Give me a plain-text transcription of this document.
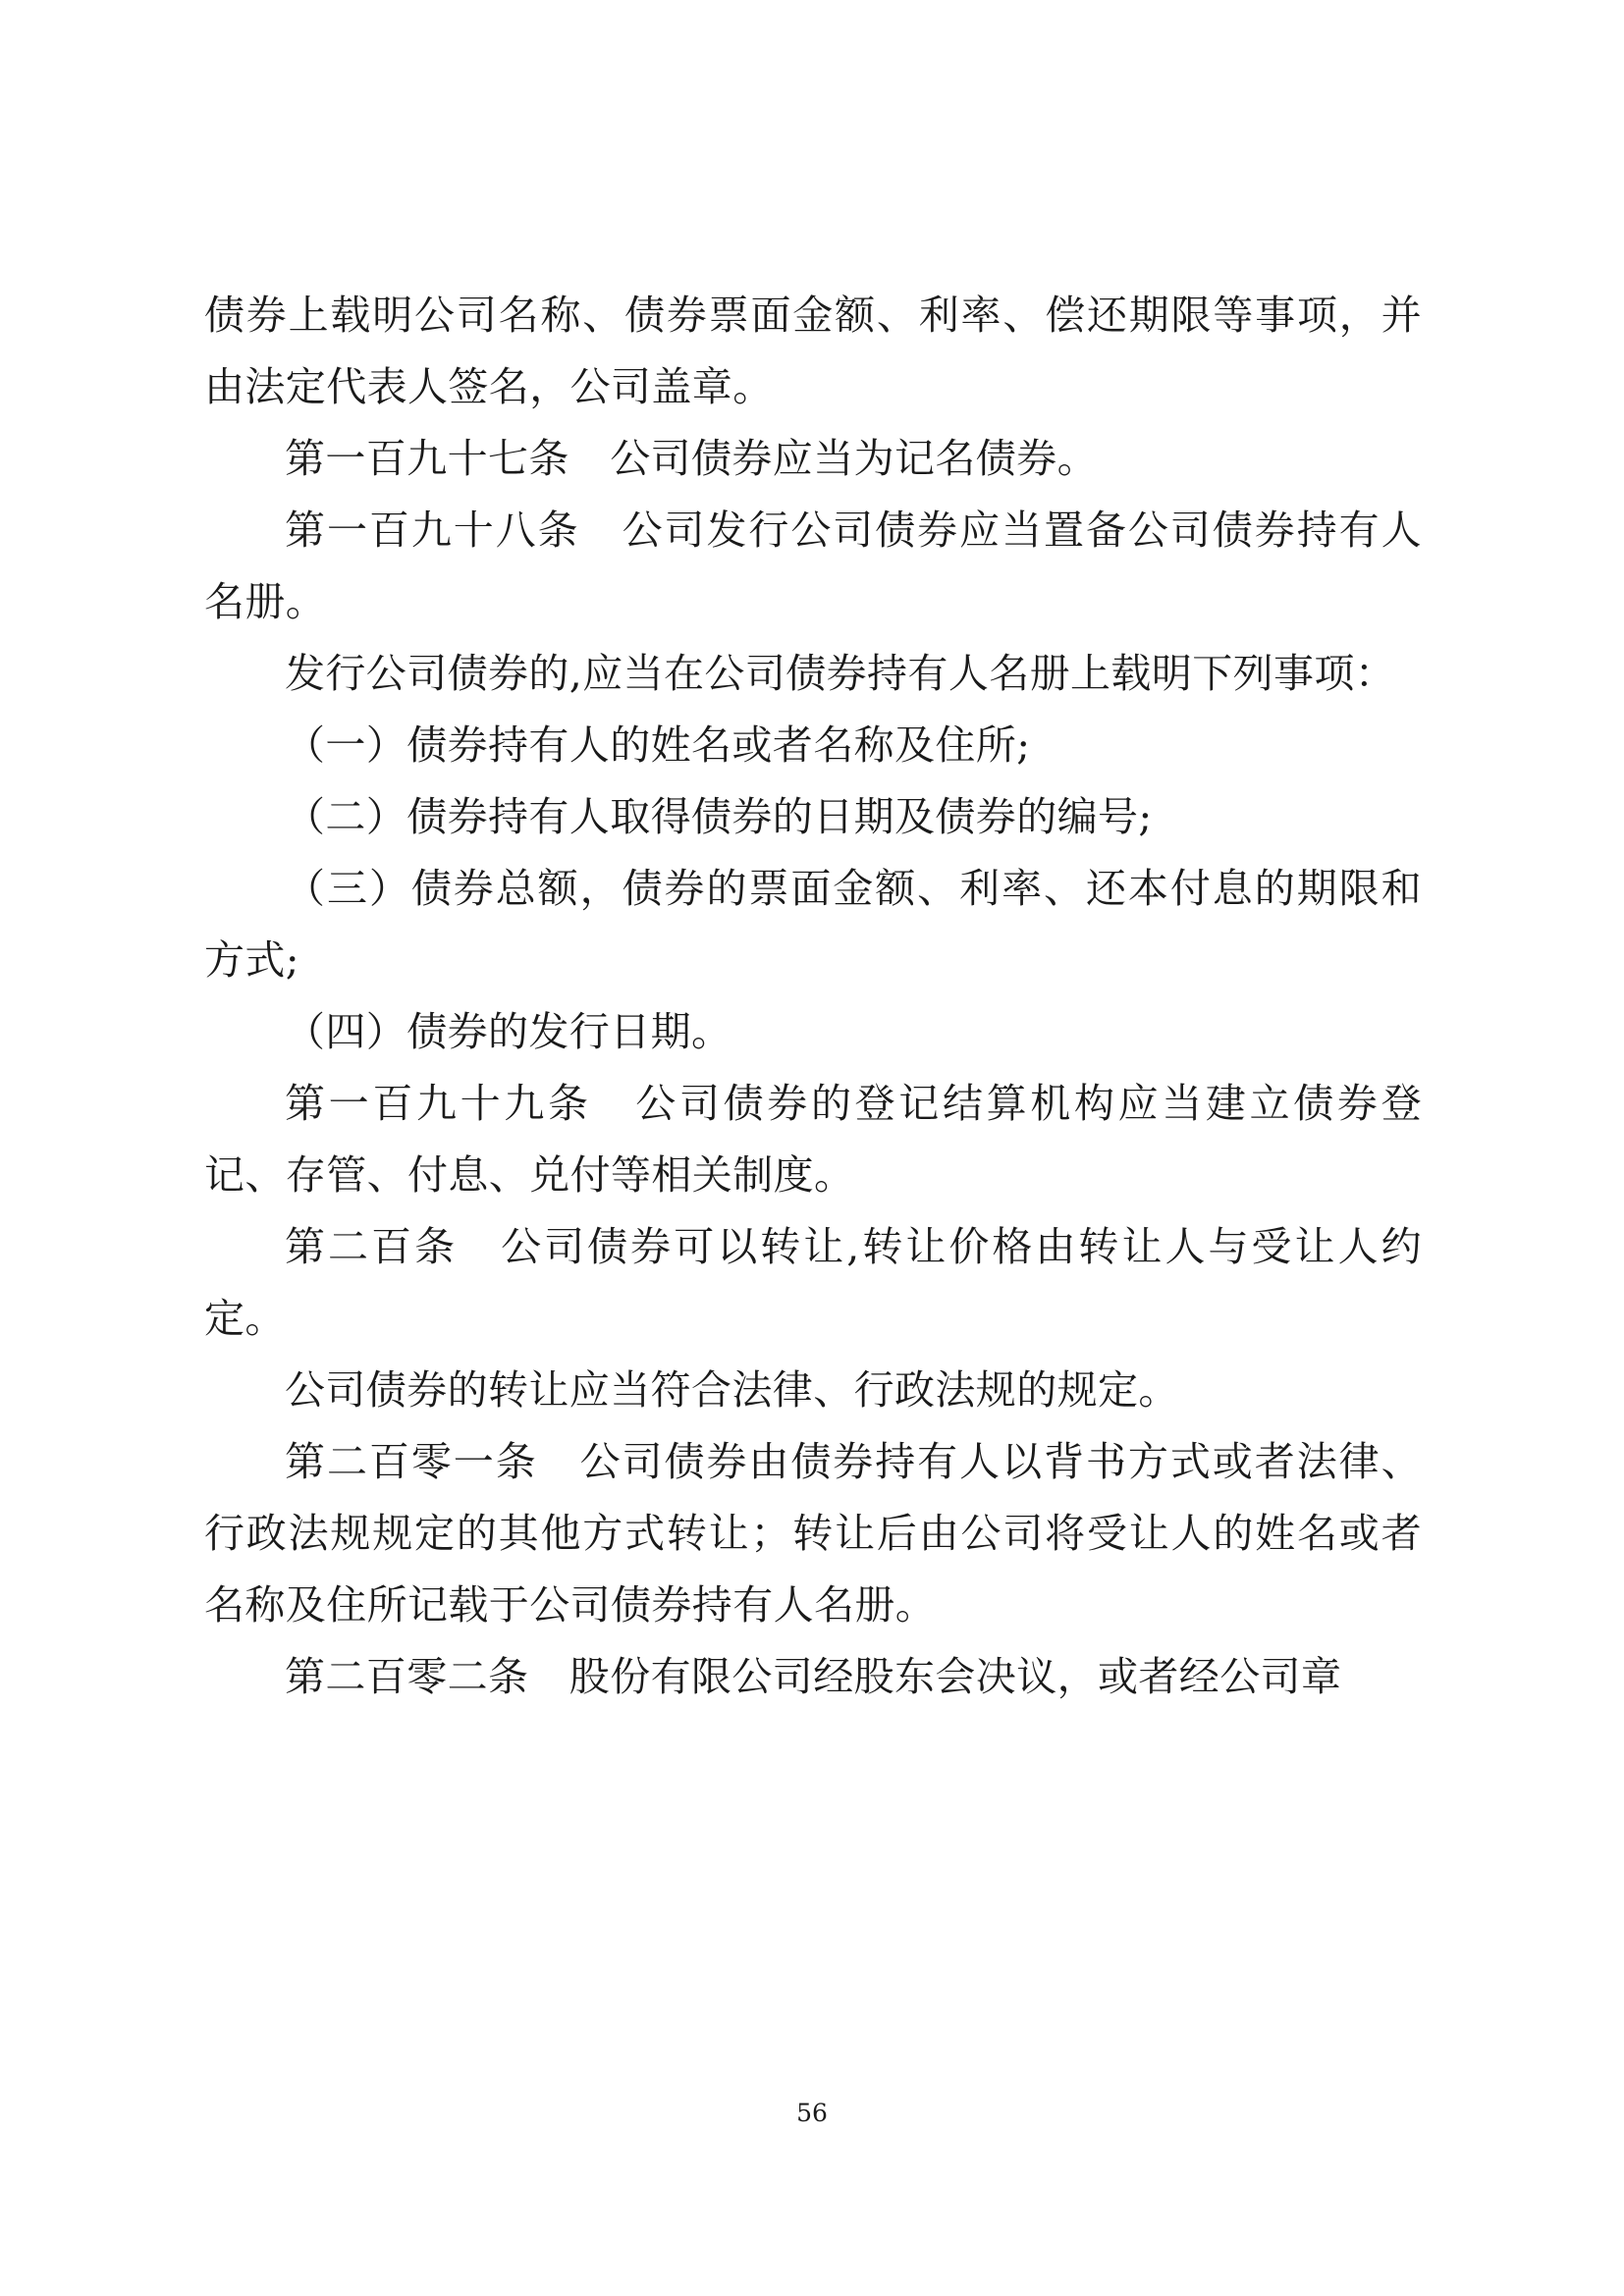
债券上载明公司名称、债券票面金额、利率、偿还期限等事项，并由法定代表人签名，公司盖章。

第一百九十七条　公司债券应当为记名债券。

第一百九十八条　公司发行公司债券应当置备公司债券持有人名册。

发行公司债券的,应当在公司债券持有人名册上载明下列事项：

（一）债券持有人的姓名或者名称及住所;

（二）债券持有人取得债券的日期及债券的编号;

（三）债券总额，债券的票面金额、利率、还本付息的期限和方式;

（四）债券的发行日期。

第一百九十九条　公司债券的登记结算机构应当建立债券登记、存管、付息、兑付等相关制度。

第二百条　公司债券可以转让,转让价格由转让人与受让人约定。

公司债券的转让应当符合法律、行政法规的规定。

第二百零一条　公司债券由债券持有人以背书方式或者法律、行政法规规定的其他方式转让；转让后由公司将受让人的姓名或者名称及住所记载于公司债券持有人名册。

第二百零二条　股份有限公司经股东会决议，或者经公司章

56
